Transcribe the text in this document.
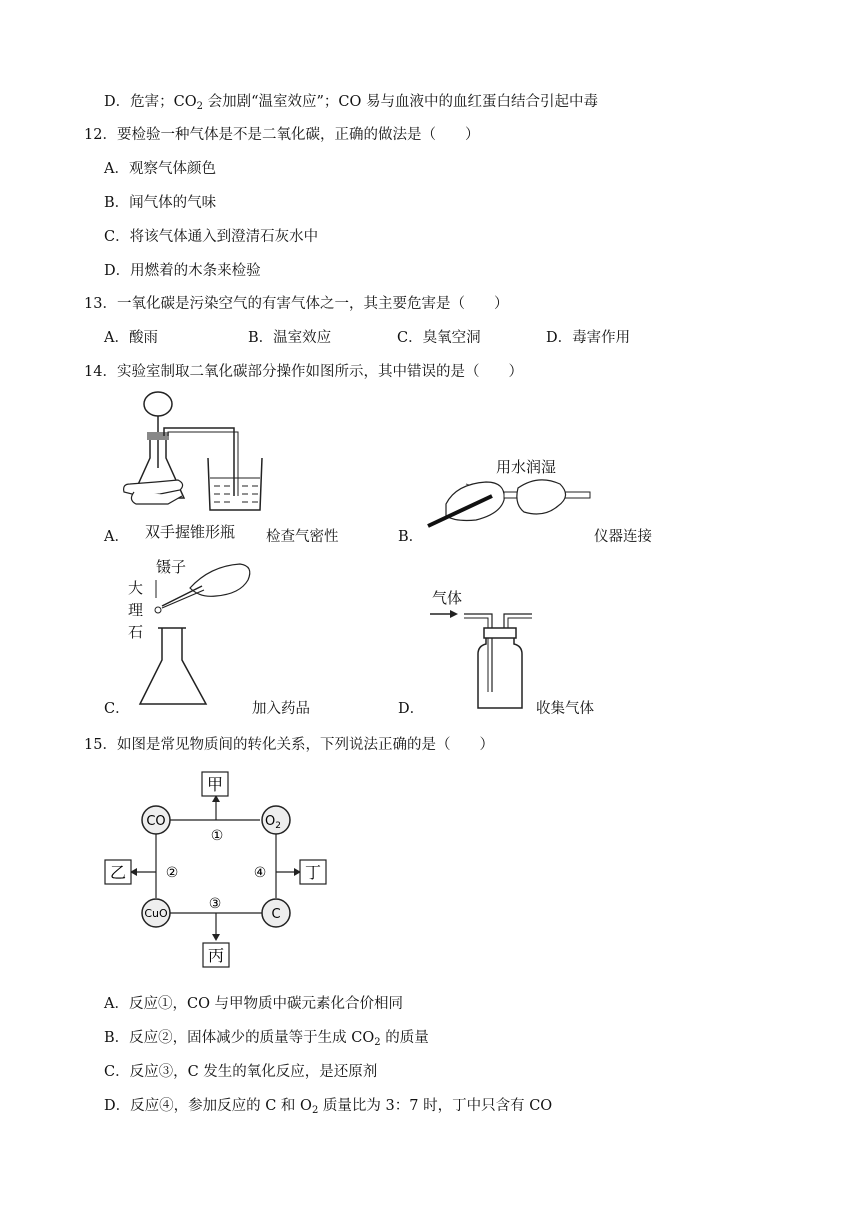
D．危害；$CO_2$ 会加剧“温室效应”；CO 易与血液中的血红蛋白结合引起中毒
12．要检验一种气体是不是二氧化碳，正确的做法是（　　）
A．观察气体颜色
B．闻气体的气味
C．将该气体通入到澄清石灰水中
D．用燃着的木条来检验
13．一氧化碳是污染空气的有害气体之一，其主要危害是（　　）
A．酸雨	B．温室效应	C．臭氧空洞	D．毒害作用
14．实验室制取二氧化碳部分操作如图所示，其中错误的是（　　）
双手握锥形瓶
A．	检查气密性
用水润湿
B．	仪器连接
镊子
大
理
石
C．	加入药品
气体
D．	收集气体
15．如图是常见物质间的转化关系，下列说法正确的是（　　）
甲
乙	丁
丙
CO	$O_2$
CuO	C
①
②
③
④
A．反应①，CO 与甲物质中碳元素化合价相同
B．反应②，固体减少的质量等于生成 $CO_2$ 的质量
C．反应③，C 发生的氧化反应，是还原剂
D．反应④，参加反应的 C 和 $O_2$ 质量比为 3：7 时，丁中只含有 CO
